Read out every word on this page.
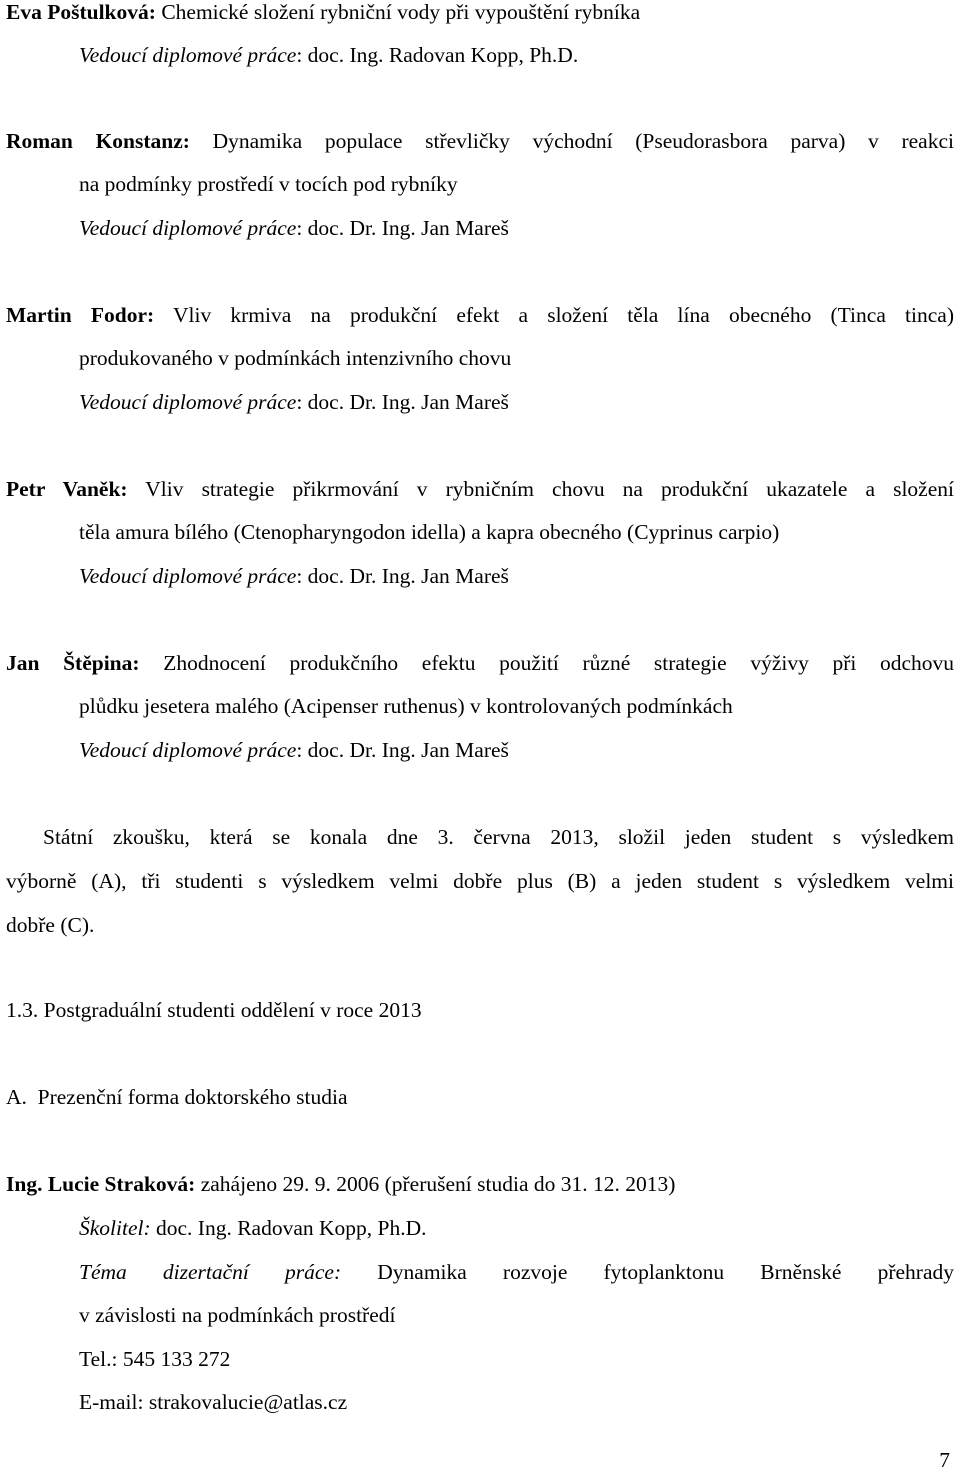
Eva Poštulková: Chemické složení rybniční vody při vypouštění rybníka
Vedoucí diplomové práce: doc. Ing. Radovan Kopp, Ph.D.
Roman Konstanz: Dynamika populace střevličky východní (Pseudorasbora parva) v reakci
na podmínky prostředí v tocích pod rybníky
Vedoucí diplomové práce: doc. Dr. Ing. Jan Mareš
Martin Fodor: Vliv krmiva na produkční efekt a složení těla lína obecného (Tinca tinca)
produkovaného v podmínkách intenzivního chovu
Vedoucí diplomové práce: doc. Dr. Ing. Jan Mareš
Petr Vaněk: Vliv strategie přikrmování v rybničním chovu na produkční ukazatele a složení
těla amura bílého (Ctenopharyngodon idella) a kapra obecného (Cyprinus carpio)
Vedoucí diplomové práce: doc. Dr. Ing. Jan Mareš
Jan Štěpina: Zhodnocení produkčního efektu použití různé strategie výživy při odchovu
plůdku jesetera malého (Acipenser ruthenus) v kontrolovaných podmínkách
Vedoucí diplomové práce: doc. Dr. Ing. Jan Mareš
Státní zkoušku, která se konala dne 3. června 2013, složil jeden student s výsledkem
výborně (A), tři studenti s výsledkem velmi dobře plus (B) a jeden student s výsledkem velmi
dobře (C).
1.3. Postgraduální studenti oddělení v roce 2013
A.  Prezenční forma doktorského studia
Ing. Lucie Straková: zahájeno 29. 9. 2006 (přerušení studia do 31. 12. 2013)
Školitel: doc. Ing. Radovan Kopp, Ph.D.
Téma dizertační práce: Dynamika rozvoje fytoplanktonu Brněnské přehrady
v závislosti na podmínkách prostředí
Tel.: 545 133 272
E-mail: strakovalucie@atlas.cz
7
